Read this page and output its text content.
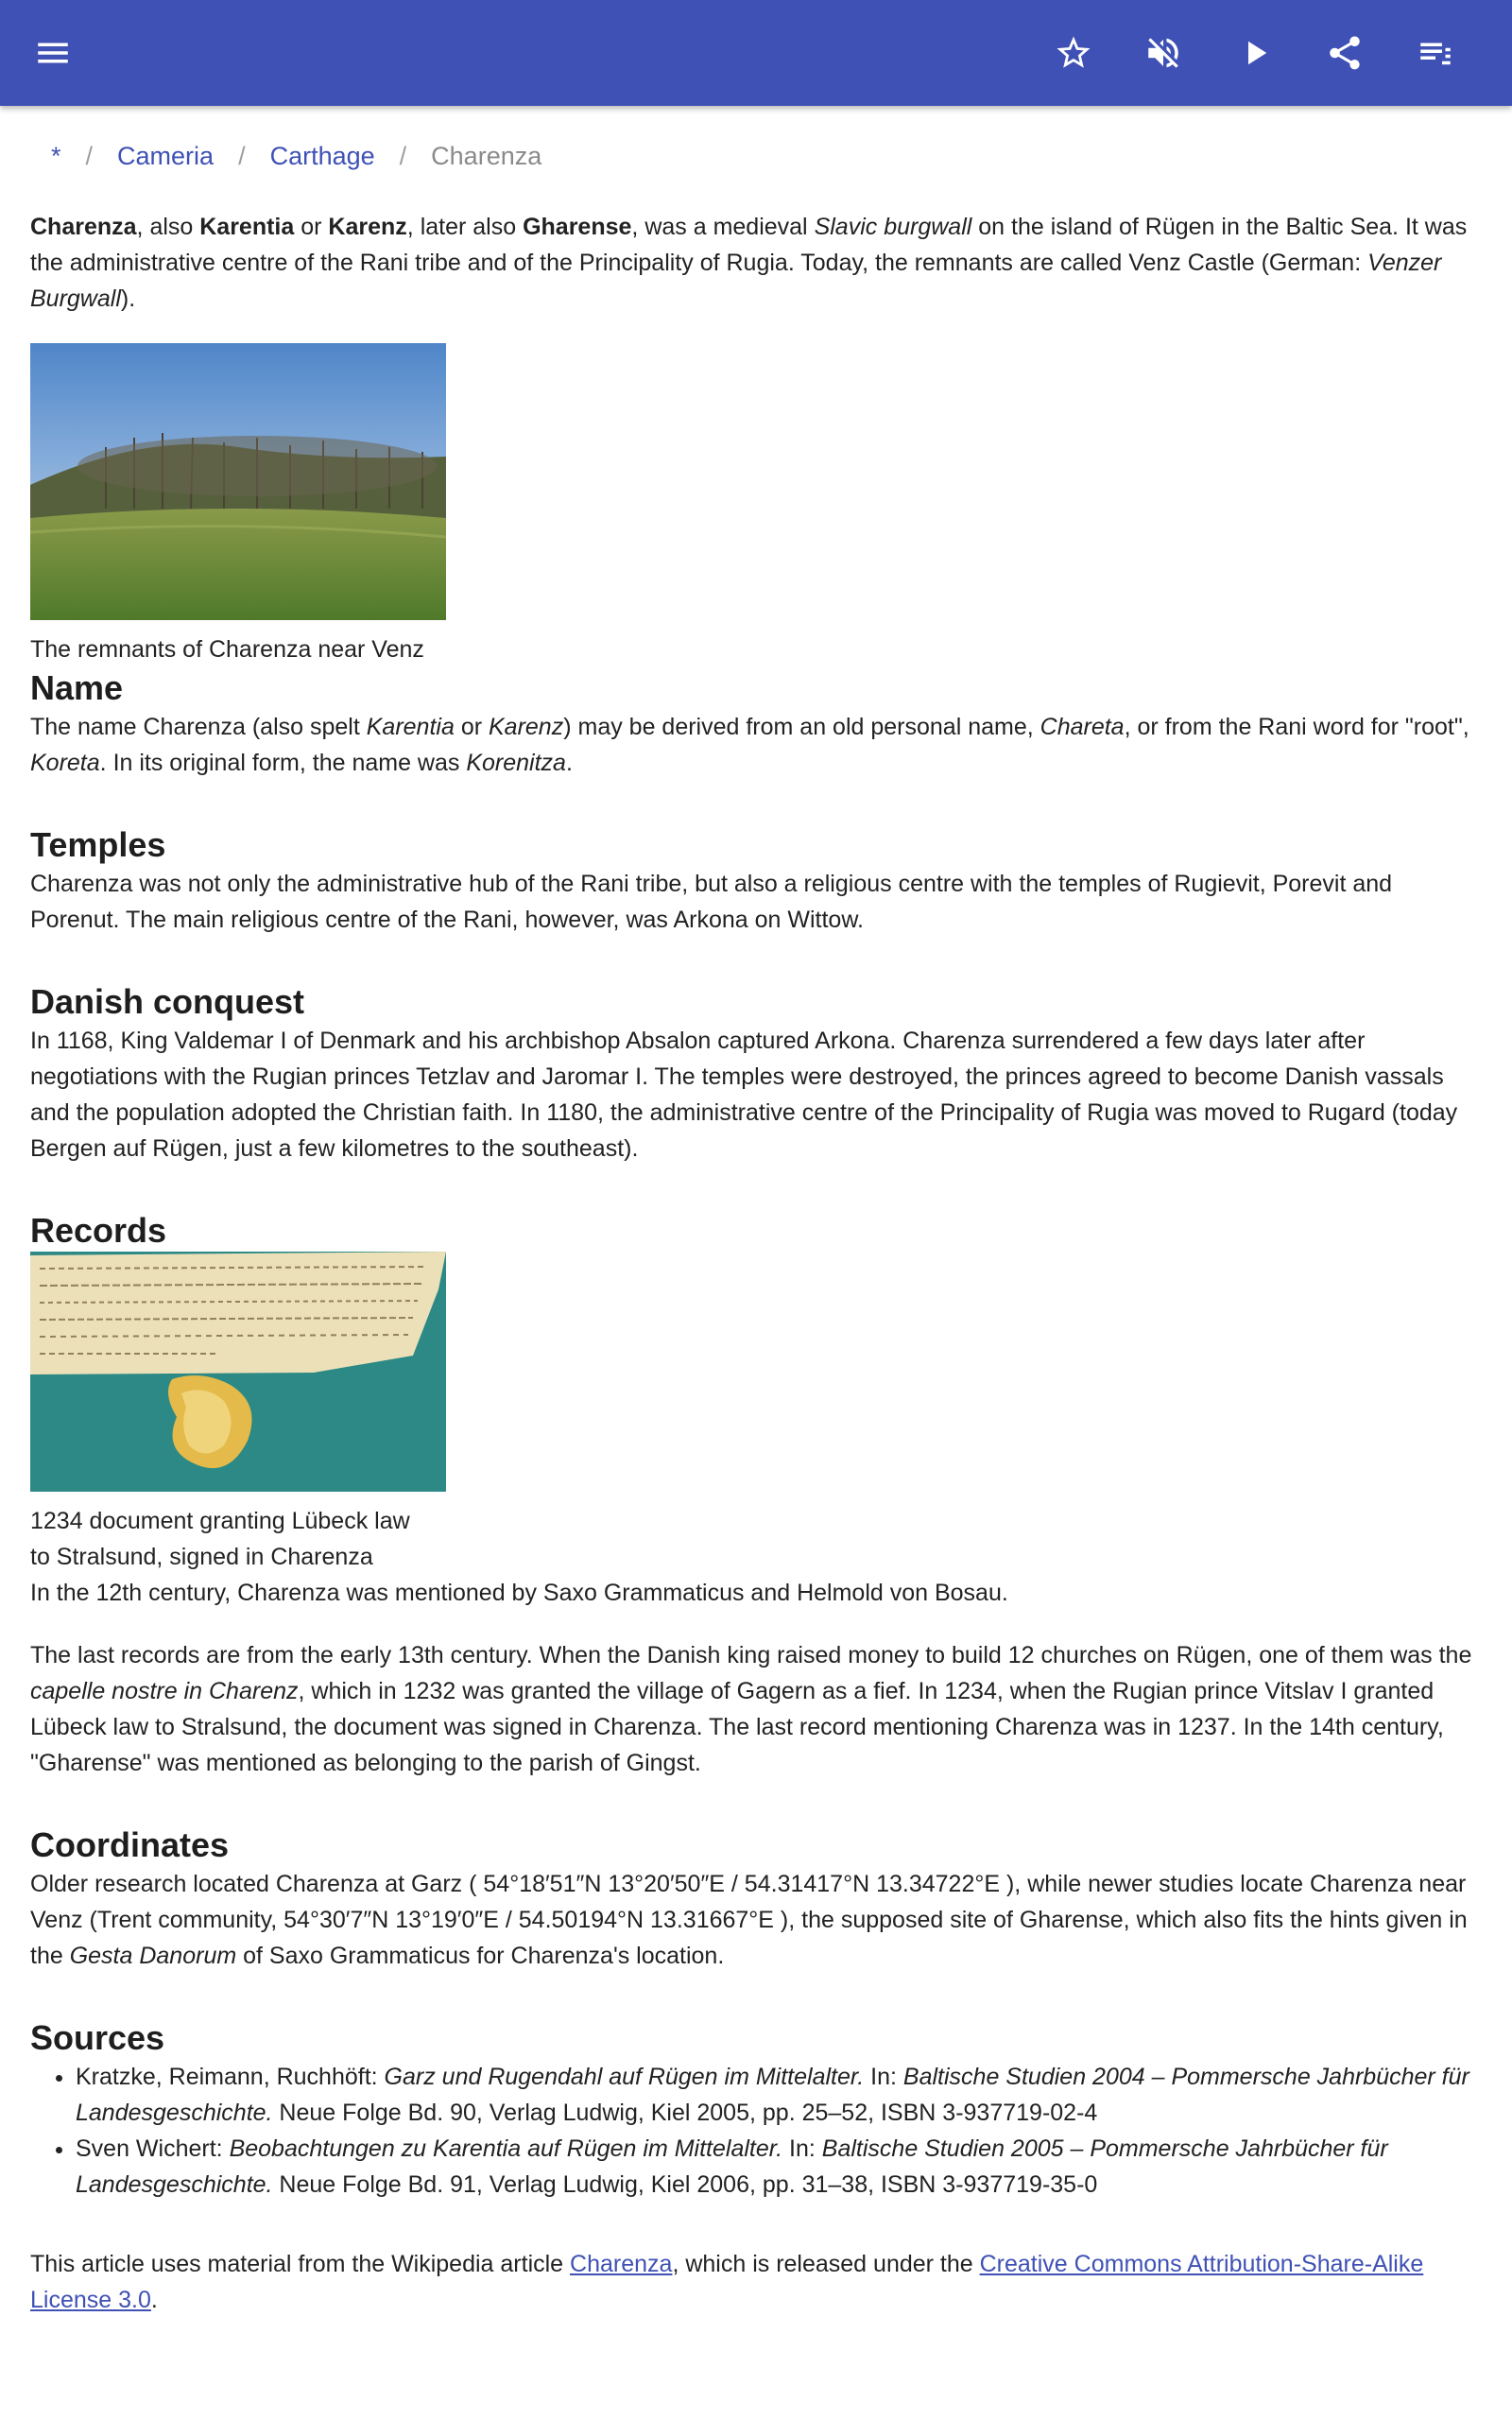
* / Cameria / Carthage / Charenza

Charenza, also Karentia or Karenz, later also Gharense, was a medieval Slavic burgwall on the island of Rügen in the Baltic Sea. It was the administrative centre of the Rani tribe and of the Principality of Rugia. Today, the remnants are called Venz Castle (German: Venzer Burgwall).

The remnants of Charenza near Venz
Name

The name Charenza (also spelt Karentia or Karenz) may be derived from an old personal name, Chareta, or from the Rani word for "root", Koreta. In its original form, the name was Korenitza.

Temples

Charenza was not only the administrative hub of the Rani tribe, but also a religious centre with the temples of Rugievit, Porevit and Porenut. The main religious centre of the Rani, however, was Arkona on Wittow.

Danish conquest

In 1168, King Valdemar I of Denmark and his archbishop Absalon captured Arkona. Charenza surrendered a few days later after negotiations with the Rugian princes Tetzlav and Jaromar I. The temples were destroyed, the princes agreed to become Danish vassals and the population adopted the Christian faith. In 1180, the administrative centre of the Principality of Rugia was moved to Rugard (today Bergen auf Rügen, just a few kilometres to the southeast).

Records
1234 document granting Lübeck law
to Stralsund, signed in Charenza

In the 12th century, Charenza was mentioned by Saxo Grammaticus and Helmold von Bosau.

The last records are from the early 13th century. When the Danish king raised money to build 12 churches on Rügen, one of them was the capelle nostre in Charenz, which in 1232 was granted the village of Gagern as a fief. In 1234, when the Rugian prince Vitslav I granted Lübeck law to Stralsund, the document was signed in Charenza. The last record mentioning Charenza was in 1237. In the 14th century, "Gharense" was mentioned as belonging to the parish of Gingst.

Coordinates

Older research located Charenza at Garz ( 54°18′51″N 13°20′50″E / 54.31417°N 13.34722°E ), while newer studies locate Charenza near Venz (Trent community, 54°30′7″N 13°19′0″E / 54.50194°N 13.31667°E ), the supposed site of Gharense, which also fits the hints given in the Gesta Danorum of Saxo Grammaticus for Charenza's location.

Sources
• Kratzke, Reimann, Ruchhöft: Garz und Rugendahl auf Rügen im Mittelalter. In: Baltische Studien 2004 – Pommersche Jahrbücher für Landesgeschichte. Neue Folge Bd. 90, Verlag Ludwig, Kiel 2005, pp. 25–52, ISBN 3-937719-02-4
• Sven Wichert: Beobachtungen zu Karentia auf Rügen im Mittelalter. In: Baltische Studien 2005 – Pommersche Jahrbücher für Landesgeschichte. Neue Folge Bd. 91, Verlag Ludwig, Kiel 2006, pp. 31–38, ISBN 3-937719-35-0

This article uses material from the Wikipedia article Charenza, which is released under the Creative Commons Attribution-Share-Alike License 3.0.
